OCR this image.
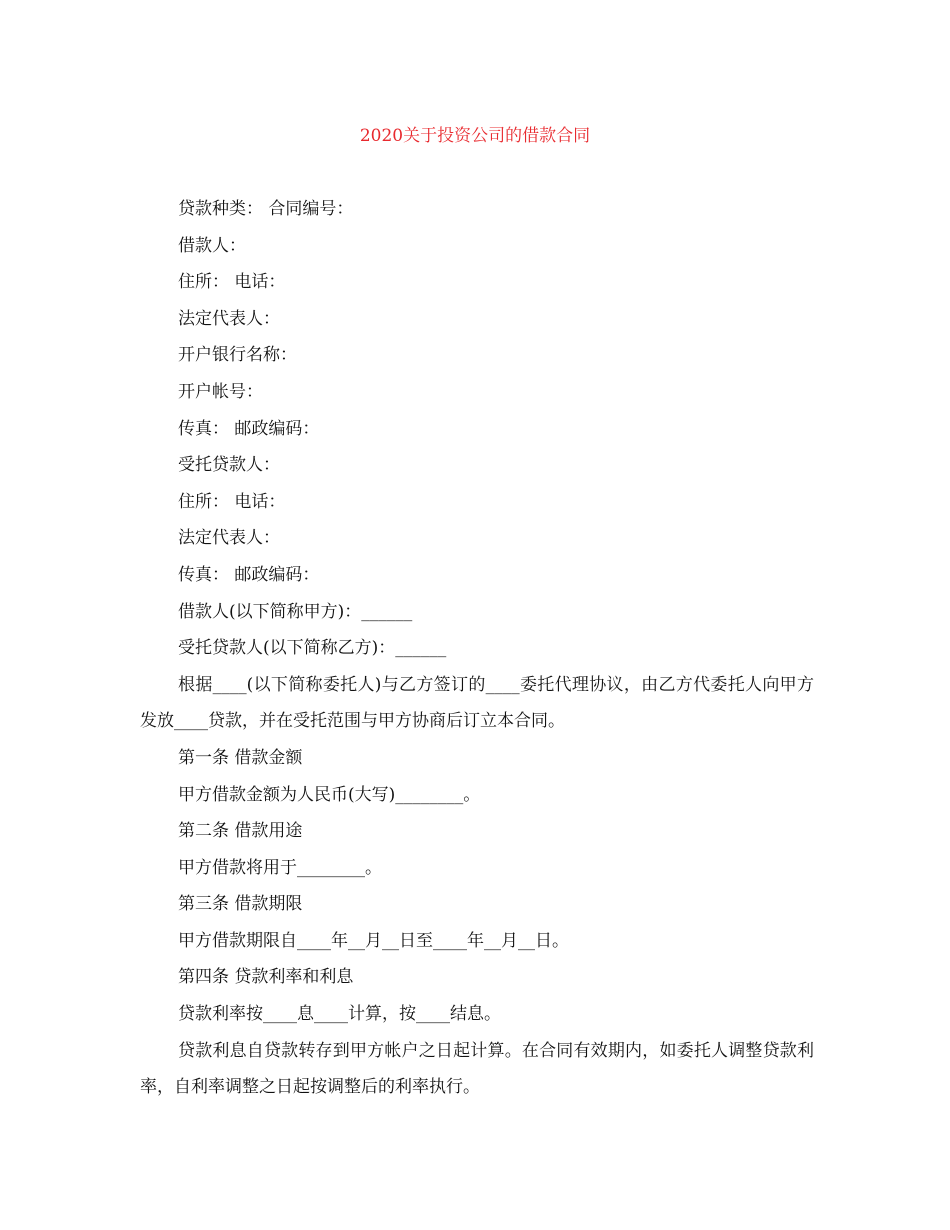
2020关于投资公司的借款合同

贷款种类： 合同编号：

借款人：

住所： 电话：

法定代表人：

开户银行名称：

开户帐号：

传真： 邮政编码：

受托贷款人：

住所： 电话：

法定代表人：

传真： 邮政编码：

借款人(以下简称甲方)：______

受托贷款人(以下简称乙方)：______

根据____(以下简称委托人)与乙方签订的____委托代理协议，由乙方代委托人向甲方发放____贷款，并在受托范围与甲方协商后订立本合同。

第一条 借款金额

甲方借款金额为人民币(大写)________。

第二条 借款用途

甲方借款将用于________。

第三条 借款期限

甲方借款期限自____年__月__日至____年__月__日。

第四条 贷款利率和利息

贷款利率按____息____计算，按____结息。

贷款利息自贷款转存到甲方帐户之日起计算。在合同有效期内，如委托人调整贷款利率，自利率调整之日起按调整后的利率执行。
